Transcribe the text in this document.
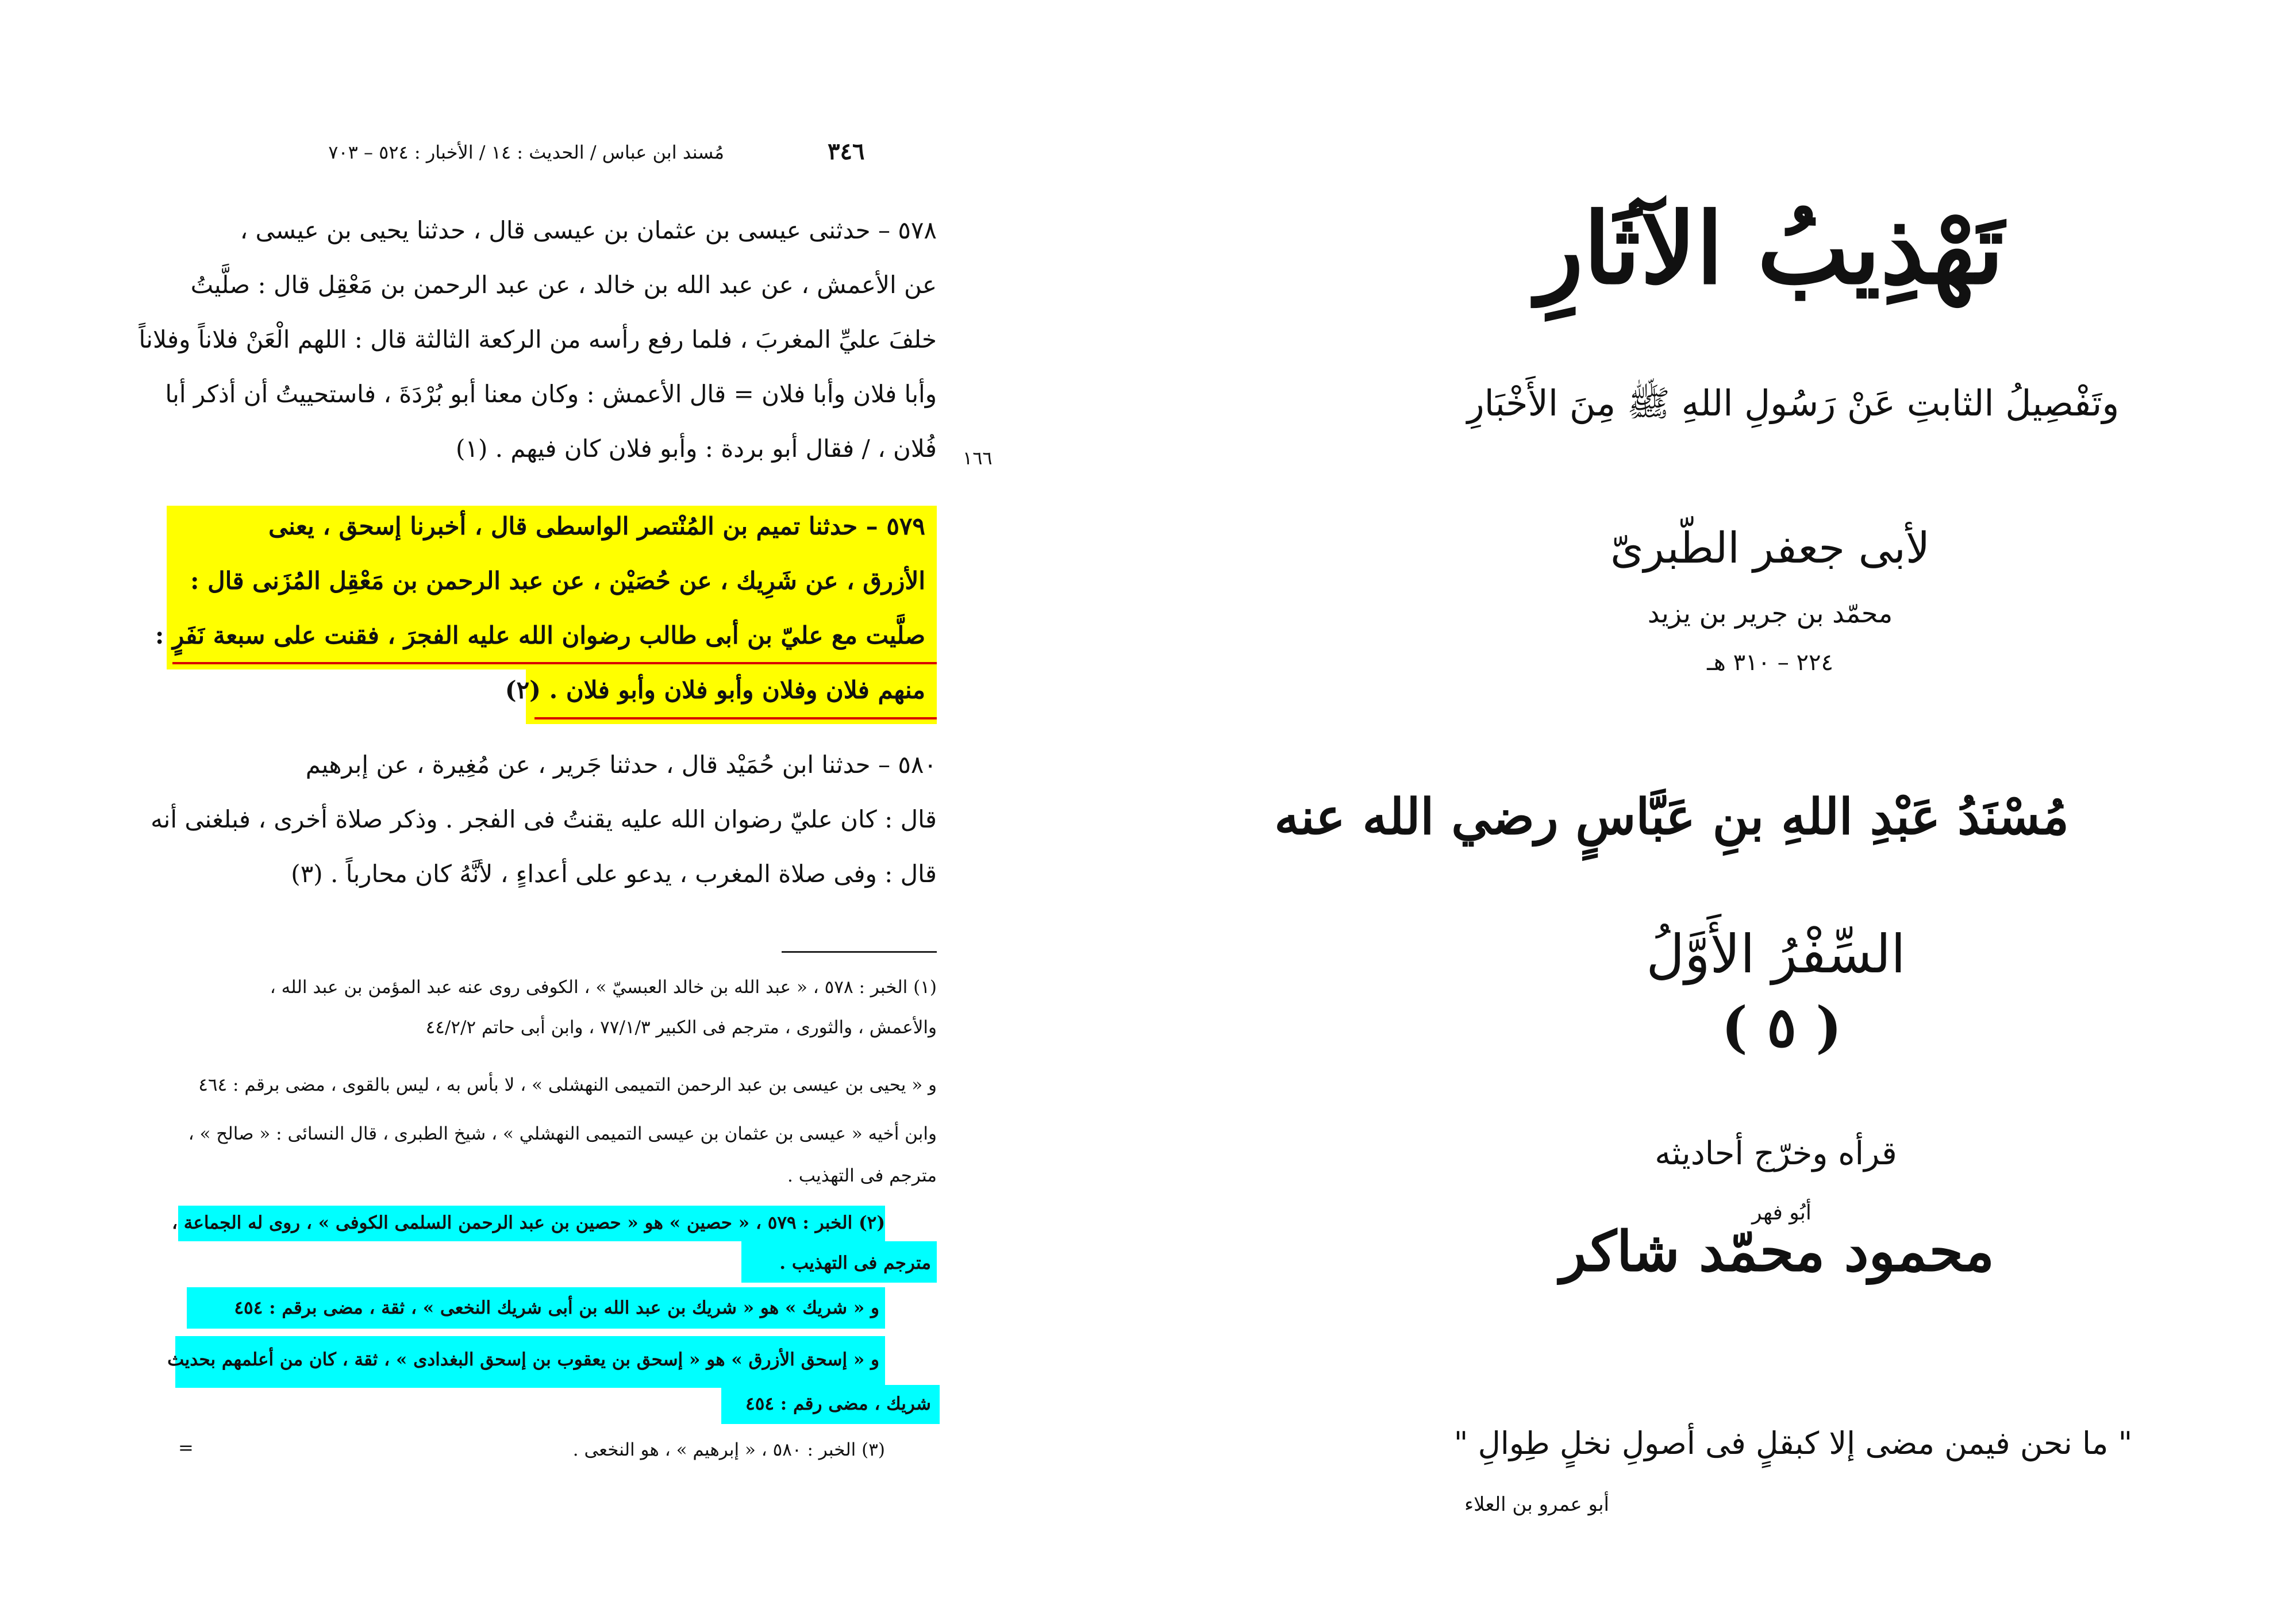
٣٤٦
مُسند ابن عباس / الحديث : ١٤ / الأخبار : ٥٢٤ – ٧٠٣
٥٧٨ – حدثنى عيسى بن عثمان بن عيسى قال ، حدثنا يحيى بن عيسى ،
عن الأعمش ، عن عبد الله بن خالد ، عن عبد الرحمن بن مَعْقِل قال : صلَّيتُ
خلفَ عليِّ المغربَ ، فلما رفع رأسه من الركعة الثالثة قال : اللهم الْعَنْ فلاناً وفلاناً
وأبا فلان وأبا فلان = قال الأعمش : وكان معنا أبو بُرْدَةَ ، فاستحييتُ أن أذكر أبا
فُلان ، / فقال أبو بردة : وأبو فلان كان فيهم . (١) ١٦٦
٥٧٩ – حدثنا تميم بن المُنْتصر الواسطى قال ، أخبرنا إسحق ، يعنى
الأزرق ، عن شَرِيك ، عن حُصَيْن ، عن عبد الرحمن بن مَعْقِل المُزَنى قال :
صلَّيت مع عليّ بن أبى طالب رضوان الله عليه الفجرَ ، فقنت على سبعة نَفَرٍ :
منهم فلان وفلان وأبو فلان وأبو فلان . (٢)
٥٨٠ – حدثنا ابن حُمَيْد قال ، حدثنا جَرير ، عن مُغِيرة ، عن إبرهيم
قال : كان عليّ رضوان الله عليه يقنتُ فى الفجر . وذكر صلاة أخرى ، فبلغنى أنه
قال : وفى صلاة المغرب ، يدعو على أعداءٍ ، لأنَّهُ كان محارباً . (٣)
(١) الخبر : ٥٧٨ ، « عبد الله بن خالد العبسيّ » ، الكوفى روى عنه عبد المؤمن بن عبد الله ،
والأعمش ، والثورى ، مترجم فى الكبير ٧٧/١/٣ ، وابن أبى حاتم ٤٤/٢/٢
و « يحيى بن عيسى بن عبد الرحمن التميمى النهشلى » ، لا بأس به ، ليس بالقوى ، مضى برقم : ٤٦٤
وابن أخيه « عيسى بن عثمان بن عيسى التميمى النهشلي » ، شيخ الطبرى ، قال النسائى : « صالح » ،
مترجم فى التهذيب .
(٢) الخبر : ٥٧٩ ، « حصين » هو « حصين بن عبد الرحمن السلمى الكوفى » ، روى له الجماعة ،
مترجم فى التهذيب .
و « شريك » هو « شريك بن عبد الله بن أبى شريك النخعى » ، ثقة ، مضى برقم : ٤٥٤
و « إسحق الأزرق » هو « إسحق بن يعقوب بن إسحق البغدادى » ، ثقة ، كان من أعلمهم بحديث
شريك ، مضى رقم : ٤٥٤
(٣) الخبر : ٥٨٠ ، « إبرهيم » ، هو النخعى .
=
تَهْذِيبُ الآثَارِ
وتَفْصِيلُ الثابتِ عَنْ رَسُولِ اللهِ ﷺ مِنَ الأَخْبَارِ
لأبى جعفر الطّبرىّ
محمّد بن جرير بن يزيد
٢٢٤ – ٣١٠ هـ
مُسْنَدُ عَبْدِ اللهِ بنِ عَبَّاسٍ رضي الله عنه
السِّفْرُ الأَوَّلُ
( ٥ )
قرأه وخرّج أحاديثه
أبُو فهر
محمود محمّد شاكر
" ما نحن فيمن مضى إلا كبقلٍ فى أصولِ نخلٍ طِوالِ "
أبو عمرو بن العلاء
